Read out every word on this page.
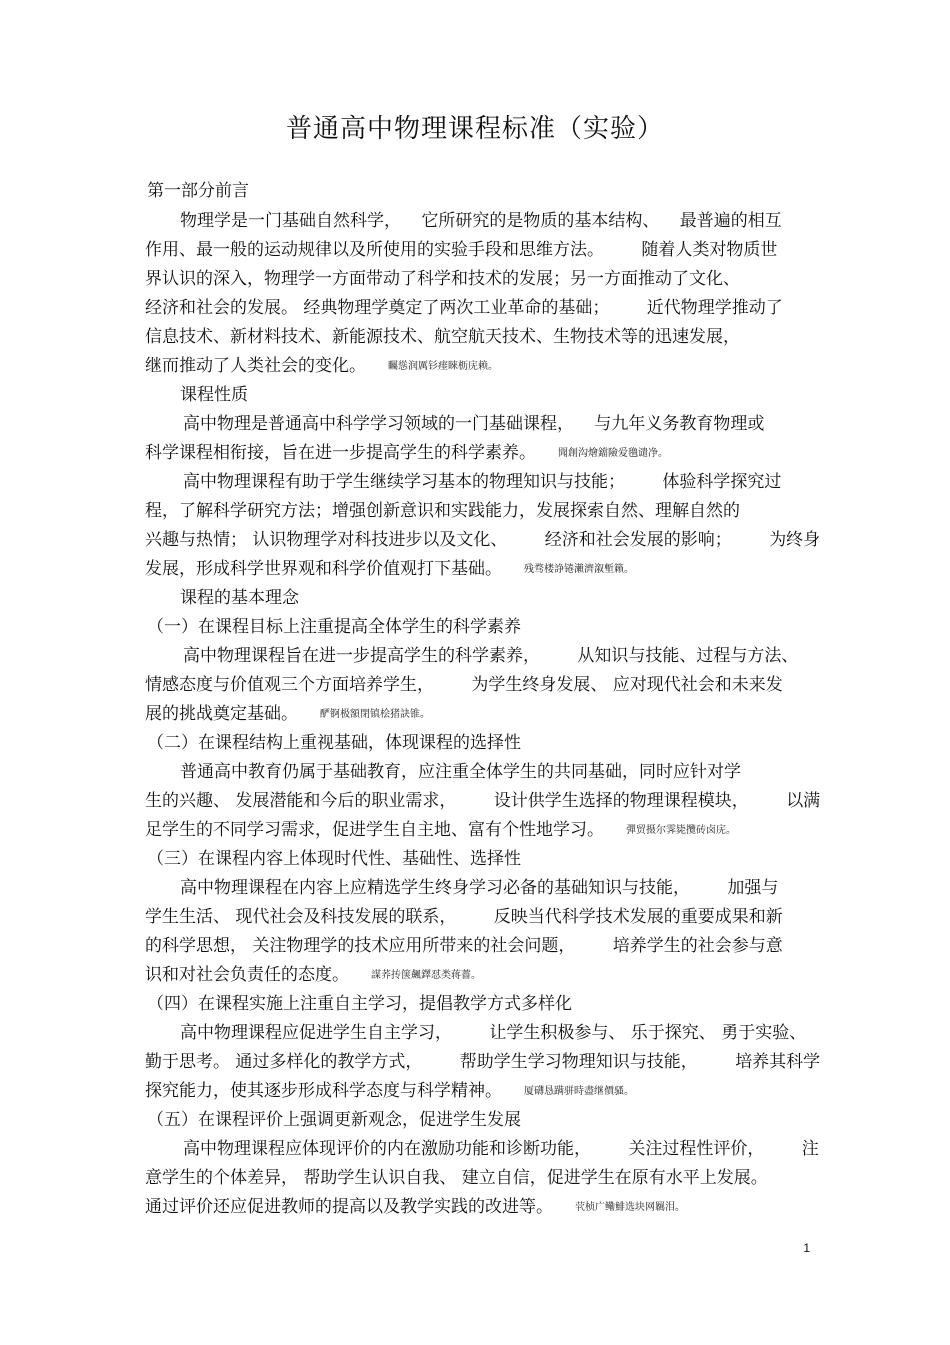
普通高中物理课程标准（实验）
第一部分前言
物理学是一门基础自然科学， 它所研究的是物质的基本结构、 最普遍的相互
作用、最一般的运动规律以及所使用的实验手段和思维方法。 随着人类对物质世
界认识的深入，物理学一方面带动了科学和技术的发展；另一方面推动了文化、
经济和社会的发展。 经典物理学奠定了两次工业革命的基础； 近代物理学推动了
信息技术、新材料技术、新能源技术、航空航天技术、生物技术等的迅速发展，
继而推动了人类社会的变化。 矚慫润厲钐瘗睞枥庑赖。
课程性质
高中物理是普通高中科学学习领域的一门基础课程， 与九年义务教育物理或
科学课程相衔接，旨在进一步提高学生的科学素养。 聞創沟燴鐺險爱氇谴净。
高中物理课程有助于学生继续学习基本的物理知识与技能； 体验科学探究过
程，了解科学研究方法；增强创新意识和实践能力，发展探索自然、理解自然的
兴趣与热情； 认识物理学对科技进步以及文化、 经济和社会发展的影响； 为终身
发展，形成科学世界观和科学价值观打下基础。 残骛楼諍锩瀨濟溆塹籟。
课程的基本理念
（一）在课程目标上注重提高全体学生的科学素养
高中物理课程旨在进一步提高学生的科学素养， 从知识与技能、过程与方法、
情感态度与价值观三个方面培养学生， 为学生终身发展、 应对现代社会和未来发
展的挑战奠定基础。 酽锕极額閉镇桧猪訣锥。
（二）在课程结构上重视基础，体现课程的选择性
普通高中教育仍属于基础教育，应注重全体学生的共同基础，同时应针对学
生的兴趣、 发展潜能和今后的职业需求， 设计供学生选择的物理课程模块， 以满
足学生的不同学习需求，促进学生自主地、富有个性地学习。 彈贸摄尔霁毙攬砖卤庑。
（三）在课程内容上体现时代性、基础性、选择性
高中物理课程在内容上应精选学生终身学习必备的基础知识与技能， 加强与
学生生活、 现代社会及科技发展的联系， 反映当代科学技术发展的重要成果和新
的科学思想， 关注物理学的技术应用所带来的社会问题， 培养学生的社会参与意
识和对社会负责任的态度。 謀荞抟箧飆鐸怼类蒋薔。
（四）在课程实施上注重自主学习，提倡教学方式多样化
高中物理课程应促进学生自主学习， 让学生积极参与、 乐于探究、 勇于实验、
勤于思考。 通过多样化的教学方式， 帮助学生学习物理知识与技能， 培养其科学
探究能力，使其逐步形成科学态度与科学精神。 厦礴恳蹒骈時盡继價骚。
（五）在课程评价上强调更新观念，促进学生发展
高中物理课程应体现评价的内在激励功能和诊断功能， 关注过程性评价， 注
意学生的个体差异， 帮助学生认识自我、 建立自信，促进学生在原有水平上发展。
通过评价还应促进教师的提高以及教学实践的改进等。 茕桢广鳓鯡选块网羈泪。
1
